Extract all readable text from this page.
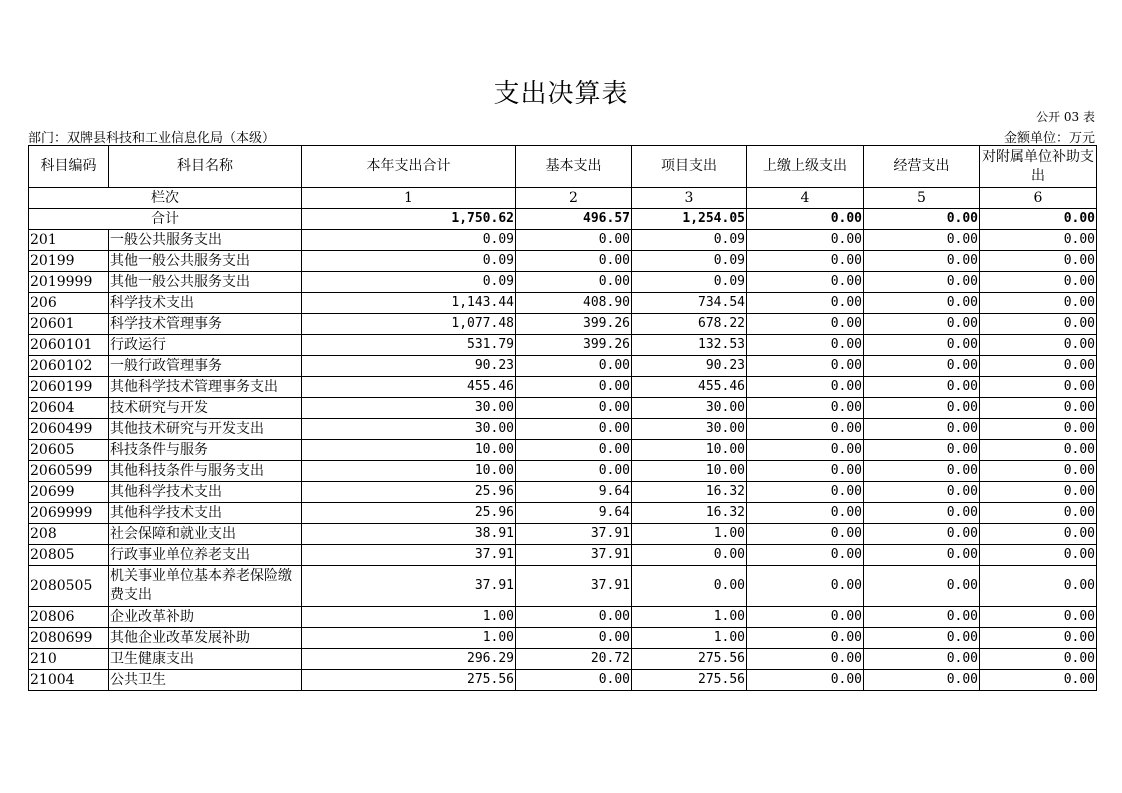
支出决算表
公开 03 表
部门：双牌县科技和工业信息化局（本级）	金额单位：万元
科目编码	科目名称	本年支出合计	基本支出	项目支出	上缴上级支出	经营支出	对附属单位补助支出
栏次		1	2	3	4	5	6
合计		1,750.62	496.57	1,254.05	0.00	0.00	0.00
201	一般公共服务支出	0.09	0.00	0.09	0.00	0.00	0.00
20199	其他一般公共服务支出	0.09	0.00	0.09	0.00	0.00	0.00
2019999	其他一般公共服务支出	0.09	0.00	0.09	0.00	0.00	0.00
206	科学技术支出	1,143.44	408.90	734.54	0.00	0.00	0.00
20601	科学技术管理事务	1,077.48	399.26	678.22	0.00	0.00	0.00
2060101	行政运行	531.79	399.26	132.53	0.00	0.00	0.00
2060102	一般行政管理事务	90.23	0.00	90.23	0.00	0.00	0.00
2060199	其他科学技术管理事务支出	455.46	0.00	455.46	0.00	0.00	0.00
20604	技术研究与开发	30.00	0.00	30.00	0.00	0.00	0.00
2060499	其他技术研究与开发支出	30.00	0.00	30.00	0.00	0.00	0.00
20605	科技条件与服务	10.00	0.00	10.00	0.00	0.00	0.00
2060599	其他科技条件与服务支出	10.00	0.00	10.00	0.00	0.00	0.00
20699	其他科学技术支出	25.96	9.64	16.32	0.00	0.00	0.00
2069999	其他科学技术支出	25.96	9.64	16.32	0.00	0.00	0.00
208	社会保障和就业支出	38.91	37.91	1.00	0.00	0.00	0.00
20805	行政事业单位养老支出	37.91	37.91	0.00	0.00	0.00	0.00
2080505	机关事业单位基本养老保险缴费支出	37.91	37.91	0.00	0.00	0.00	0.00
20806	企业改革补助	1.00	0.00	1.00	0.00	0.00	0.00
2080699	其他企业改革发展补助	1.00	0.00	1.00	0.00	0.00	0.00
210	卫生健康支出	296.29	20.72	275.56	0.00	0.00	0.00
21004	公共卫生	275.56	0.00	275.56	0.00	0.00	0.00
